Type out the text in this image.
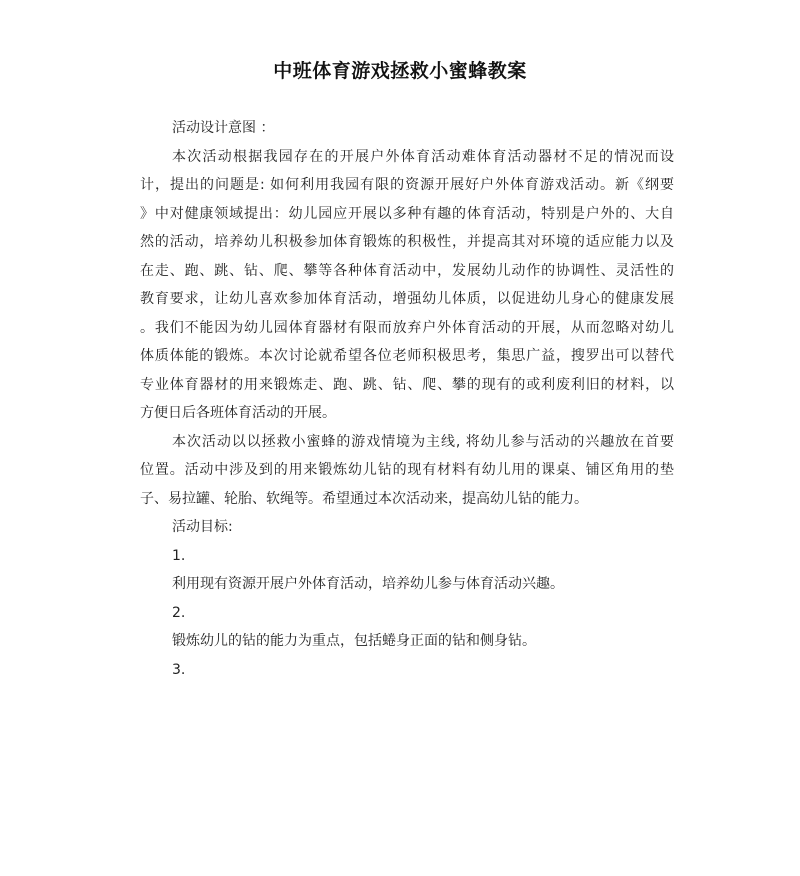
中班体育游戏拯救小蜜蜂教案
活动设计意图 ：
本次活动根据我园存在的开展户外体育活动难体育活动器材不足的情况而设
计，提出的问题是: 如何利用我园有限的资源开展好户外体育游戏活动。新《纲要
》中对健康领域提出：幼儿园应开展以多种有趣的体育活动，特别是户外的、大自
然的活动，培养幼儿积极参加体育锻炼的积极性，并提高其对环境的适应能力以及
在走、跑、跳、钻、爬、攀等各种体育活动中，发展幼儿动作的协调性、灵活性的
教育要求，让幼儿喜欢参加体育活动，增强幼儿体质，以促进幼儿身心的健康发展
。我们不能因为幼儿园体育器材有限而放弃户外体育活动的开展，从而忽略对幼儿
体质体能的锻炼。本次讨论就希望各位老师积极思考，集思广益，搜罗出可以替代
专业体育器材的用来锻炼走、跑、跳、钻、爬、攀的现有的或利废利旧的材料，以
方便日后各班体育活动的开展。
本次活动以以拯救小蜜蜂的游戏情境为主线, 将幼儿参与活动的兴趣放在首要
位置。活动中涉及到的用来锻炼幼儿钻的现有材料有幼儿用的课桌、铺区角用的垫
子、易拉罐、轮胎、软绳等。希望通过本次活动来，提高幼儿钻的能力。
活动目标:
1.
利用现有资源开展户外体育活动，培养幼儿参与体育活动兴趣。
2.
锻炼幼儿的钻的能力为重点，包括蜷身正面的钻和侧身钻。
3.
